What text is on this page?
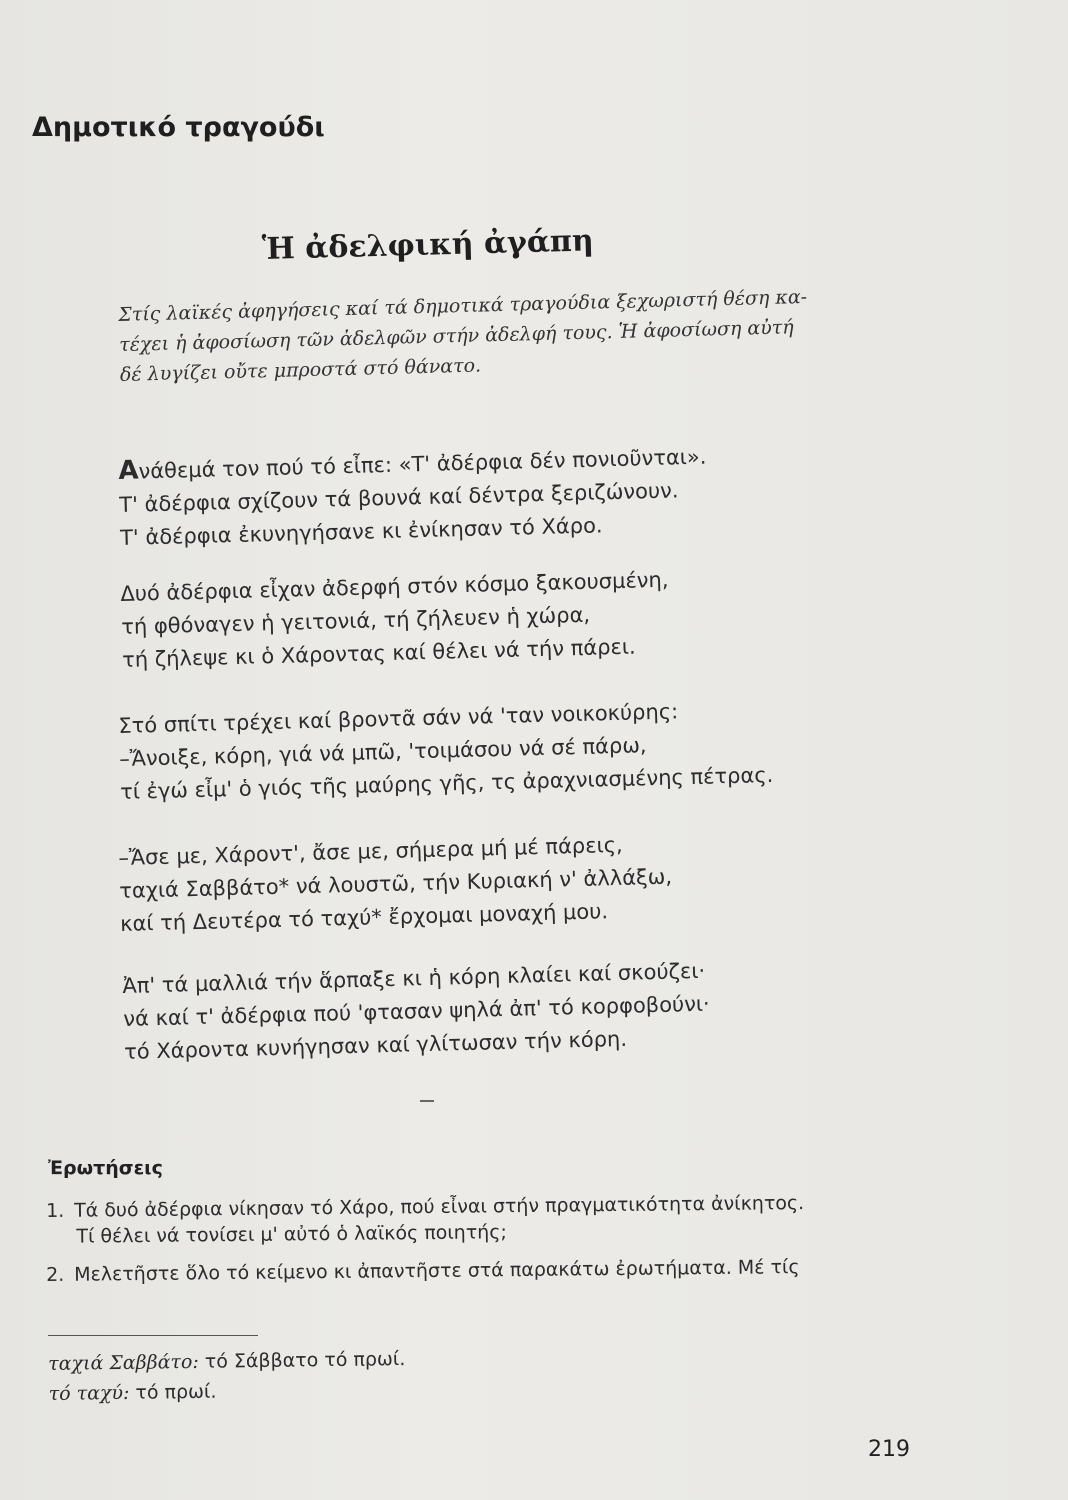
Δημοτικό τραγούδι
Ἡ ἀδελφική ἀγάπη

Στίς λαϊκές ἀφηγήσεις καί τά δημοτικά τραγούδια ξεχωριστή θέση κα-

τέχει ἡ ἀφοσίωση τῶν ἀδελφῶν στήν ἀδελφή τους. Ἡ ἀφοσίωση αὐτή

δέ λυγίζει οὔτε μπροστά στό θάνατο.

Ανάθεμά τον πού τό εἶπε: «Τ' ἀδέρφια δέν πονιοῦνται».

Τ' ἀδέρφια σχίζουν τά βουνά καί δέντρα ξεριζώνουν.

Τ' ἀδέρφια ἐκυνηγήσανε κι ἐνίκησαν τό Χάρο.

Δυό ἀδέρφια εἶχαν ἀδερφή στόν κόσμο ξακουσμένη,

τή φθόναγεν ἡ γειτονιά, τή ζήλευεν ἡ χώρα,

τή ζήλεψε κι ὁ Χάροντας καί θέλει νά τήν πάρει.

Στό σπίτι τρέχει καί βροντᾶ σάν νά 'ταν νοικοκύρης:

–Ἄνοιξε, κόρη, γιά νά μπῶ, 'τοιμάσου νά σέ πάρω,

τί ἐγώ εἶμ' ὁ γιός τῆς μαύρης γῆς, τς ἀραχνιασμένης πέτρας.

–Ἄσε με, Χάροντ', ἄσε με, σήμερα μή μέ πάρεις,

ταχιά Σαββάτο* νά λουστῶ, τήν Κυριακή ν' ἀλλάξω,

καί τή Δευτέρα τό ταχύ* ἔρχομαι μοναχή μου.

Ἀπ' τά μαλλιά τήν ἅρπαξε κι ἡ κόρη κλαίει καί σκούζει·

νά καί τ' ἀδέρφια πού 'φτασαν ψηλά ἀπ' τό κορφοβούνι·

τό Χάροντα κυνήγησαν καί γλίτωσαν τήν κόρη.

Ἐρωτήσεις

1. Τά δυό ἀδέρφια νίκησαν τό Χάρο, πού εἶναι στήν πραγματικότητα ἀνίκητος.

Τί θέλει νά τονίσει μ' αὐτό ὁ λαϊκός ποιητής;

2. Μελετῆστε ὅλο τό κείμενο κι ἀπαντῆστε στά παρακάτω ἐρωτήματα. Μέ τίς

ταχιά Σαββάτο: τό Σάββατο τό πρωί.

τό ταχύ: τό πρωί.

219
